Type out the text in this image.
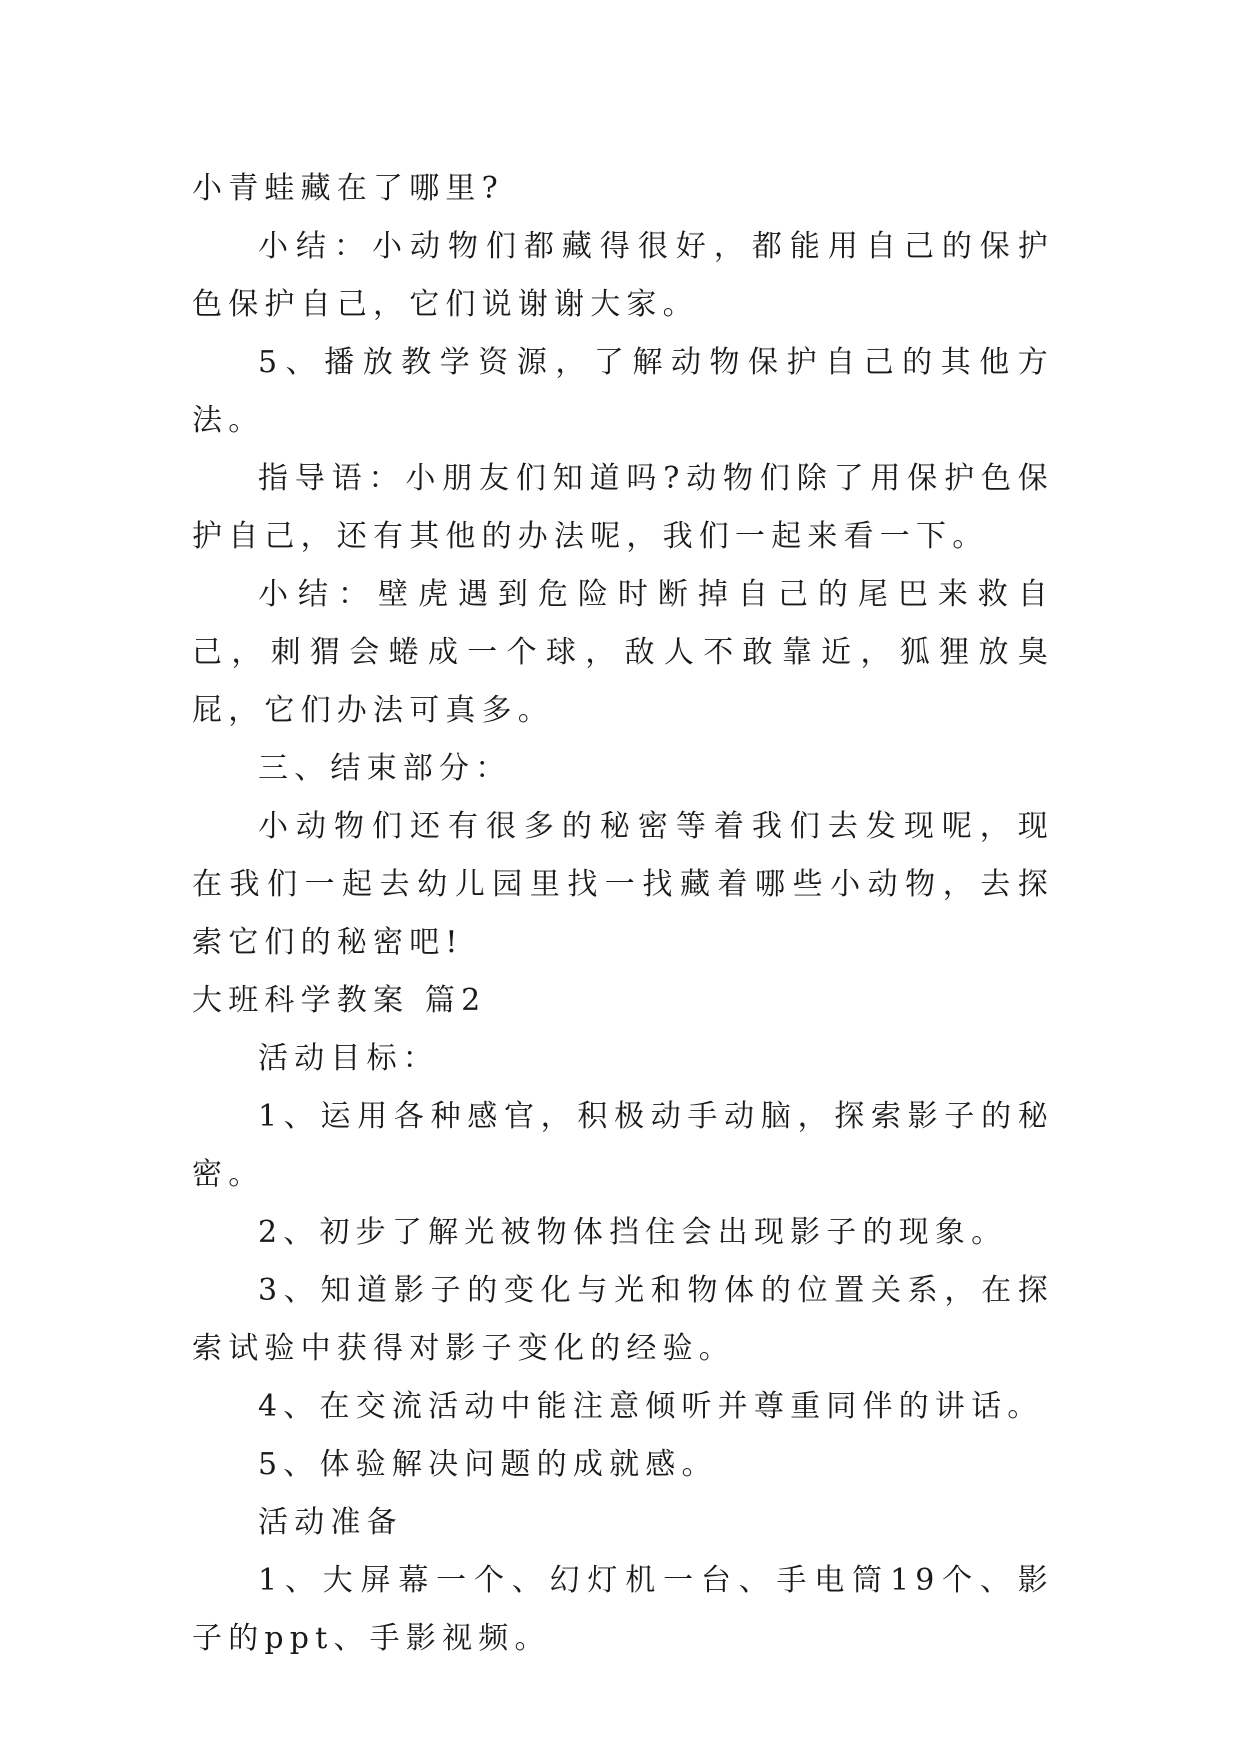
小青蛙藏在了哪里?

小结：小动物们都藏得很好，都能用自己的保护色保护自己，它们说谢谢大家。

5、播放教学资源，了解动物保护自己的其他方法。

指导语：小朋友们知道吗?动物们除了用保护色保护自己，还有其他的办法呢，我们一起来看一下。

小结：壁虎遇到危险时断掉自己的尾巴来救自己，刺猬会蜷成一个球，敌人不敢靠近，狐狸放臭屁，它们办法可真多。

三、结束部分：

小动物们还有很多的秘密等着我们去发现呢，现在我们一起去幼儿园里找一找藏着哪些小动物，去探索它们的秘密吧!

大班科学教案 篇2

活动目标：

1、运用各种感官，积极动手动脑，探索影子的秘密。

2、初步了解光被物体挡住会出现影子的现象。

3、知道影子的变化与光和物体的位置关系，在探索试验中获得对影子变化的经验。

4、在交流活动中能注意倾听并尊重同伴的讲话。

5、体验解决问题的成就感。

活动准备

1、大屏幕一个、幻灯机一台、手电筒19个、影子的ppt、手影视频。
